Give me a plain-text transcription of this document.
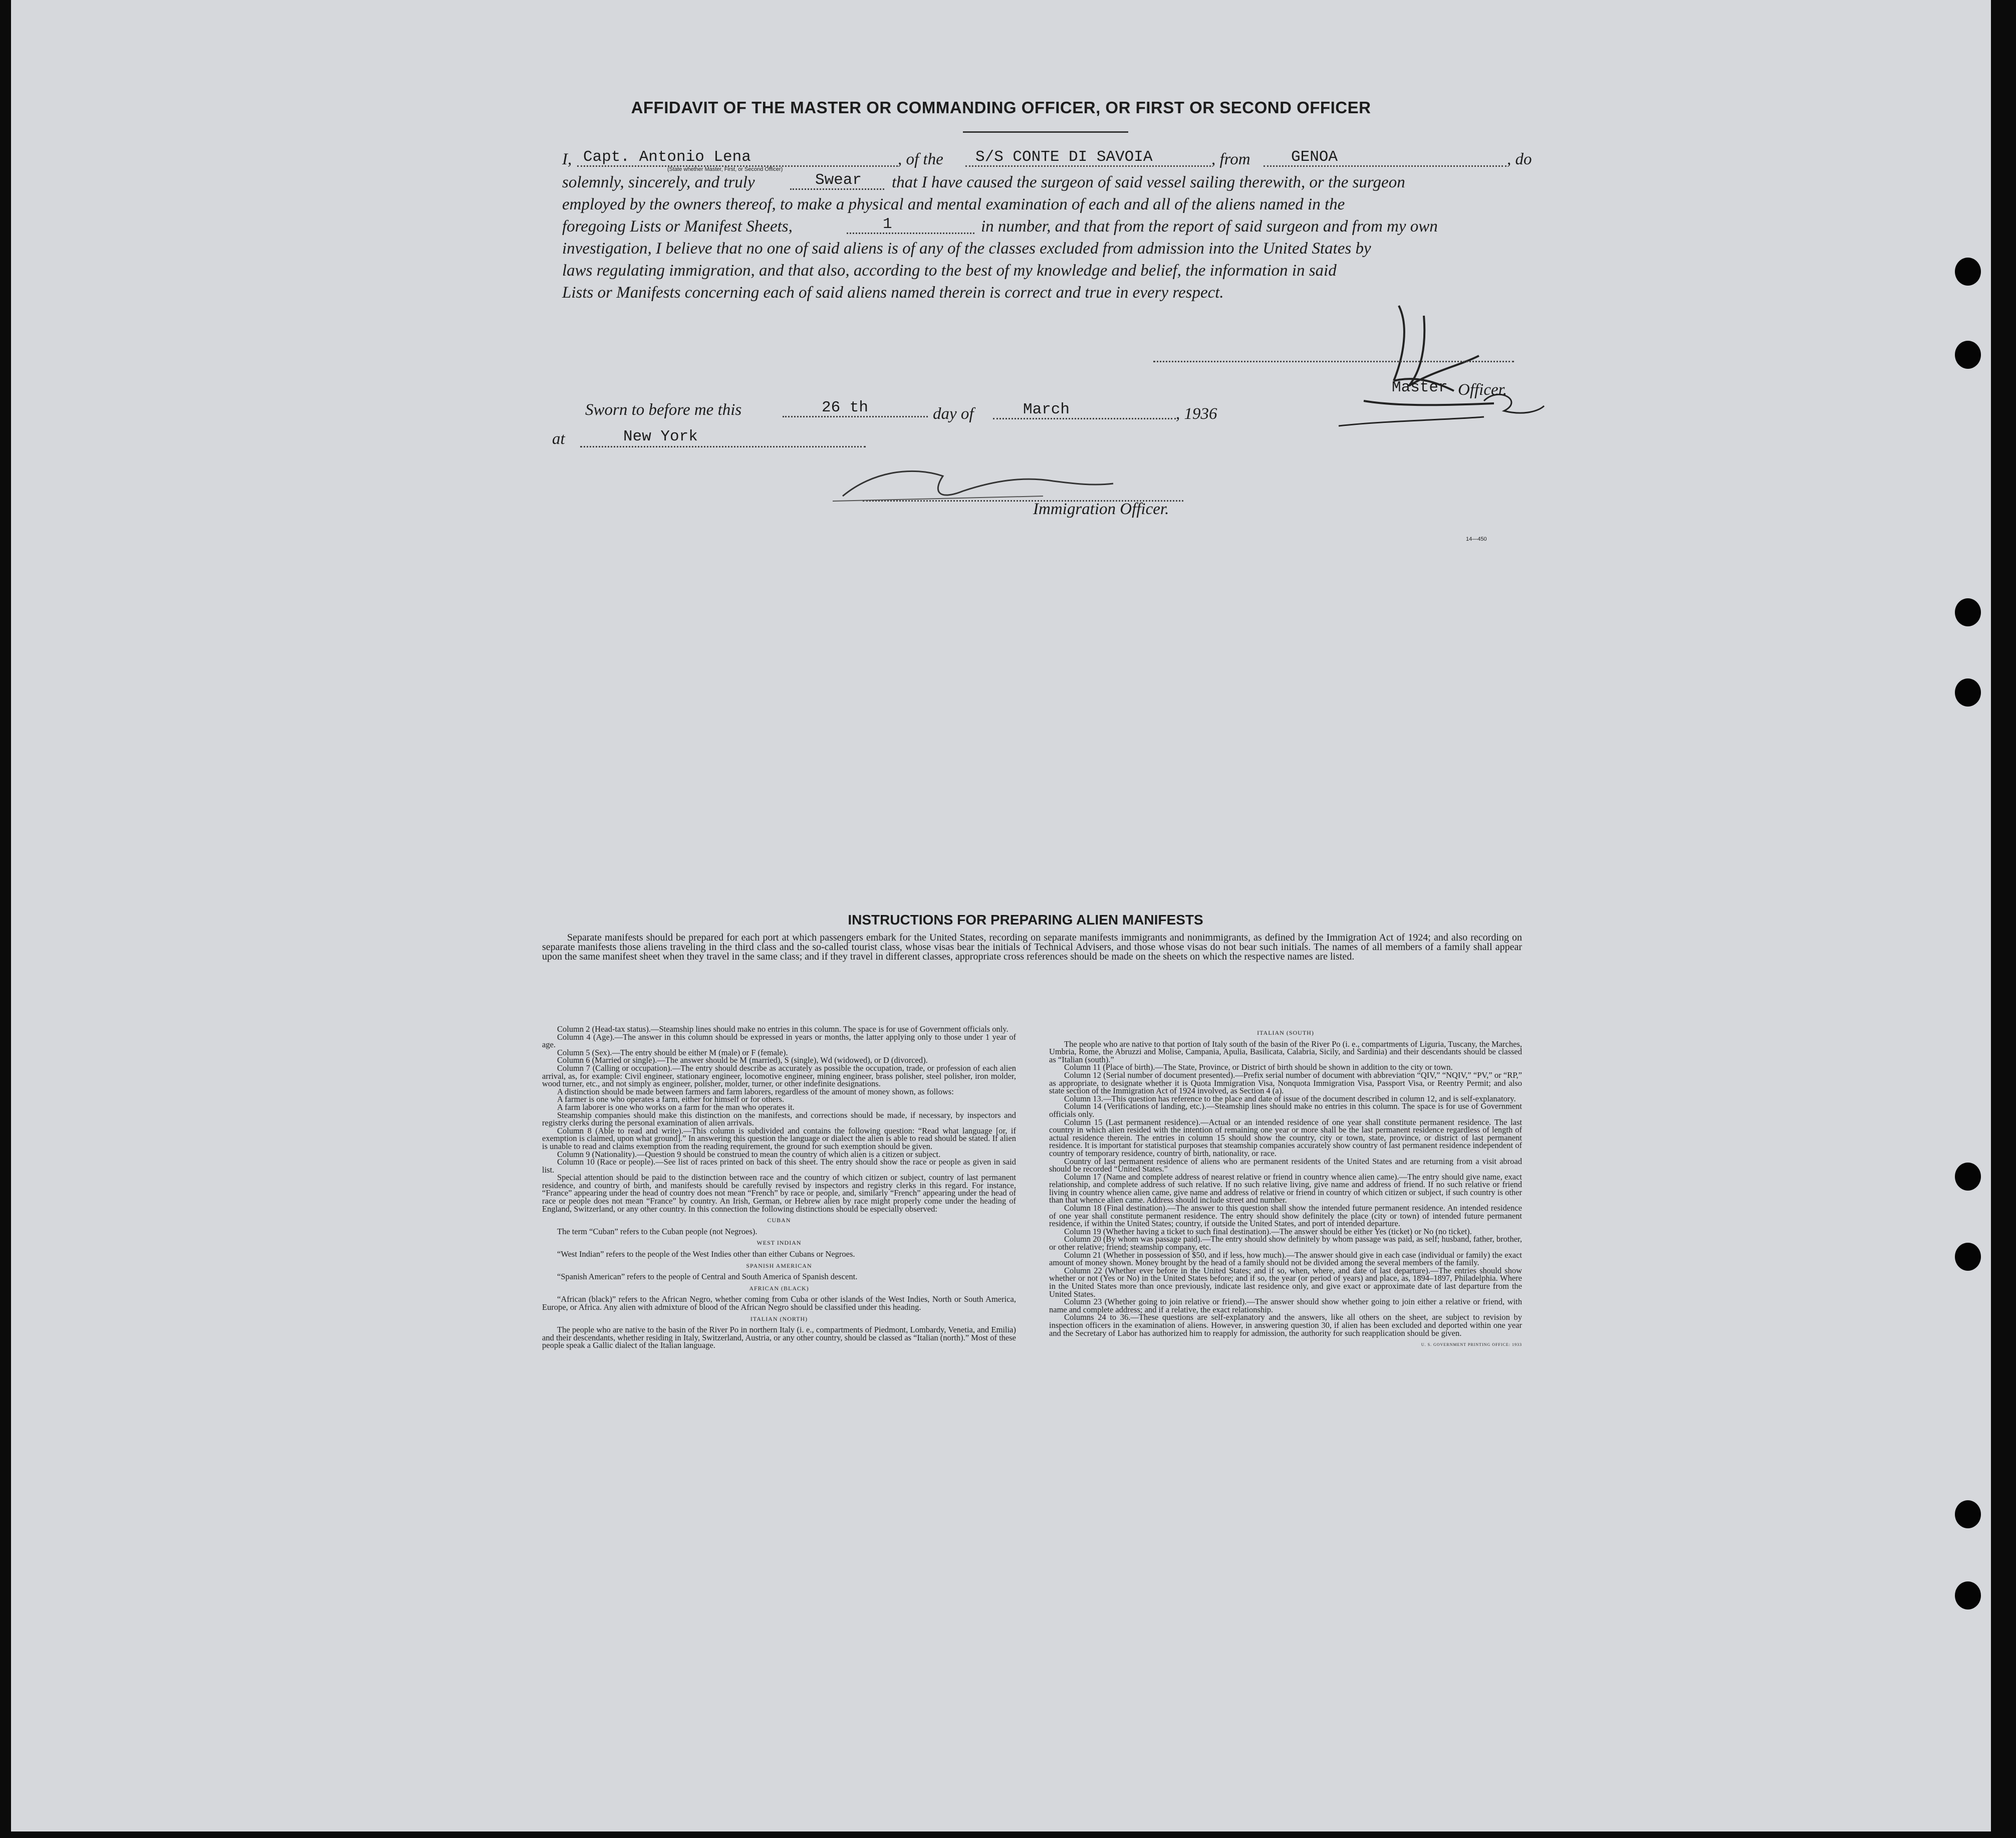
AFFIDAVIT OF THE MASTER OR COMMANDING OFFICER, OR FIRST OR SECOND OFFICER
I, Capt. Antonio Lena
(State whether Master, First, or Second Officer)
, of the S/S CONTE DI SAVOIA	, from	GENOA	, do
solemnly, sincerely, and truly	Swear that I have caused the surgeon of said vessel sailing therewith, or the surgeon
employed by the owners thereof, to make a physical and mental examination of each and all of the aliens named in the
foregoing Lists or Manifest Sheets,	1	in number, and that from the report of said surgeon and from my own
investigation, I believe that no one of said aliens is of any of the classes excluded from admission into the United States by
laws regulating immigration, and that also, according to the best of my knowledge and belief, the information in said
Lists or Manifests concerning each of said aliens named therein is correct and true in every respect.
Master Officer.
Sworn to before me this	26 th	day of	March	, 1936
at	New York
Immigration Officer.
14—450
INSTRUCTIONS FOR PREPARING ALIEN MANIFESTS
Separate manifests should be prepared for each port at which passengers embark for the United States, recording on separate manifests immigrants and nonimmigrants, as defined by the Immigration Act of 1924; and also recording on separate manifests those aliens traveling in the third class and the so-called tourist class, whose visas bear the initials of Technical Advisers, and those whose visas do not bear such initials. The names of all members of a family shall appear upon the same manifest sheet when they travel in the same class; and if they travel in different classes, appropriate cross references should be made on the sheets on which the respective names are listed.

Column 2 (Head-tax status).—Steamship lines should make no entries in this column. The space is for use of Government officials only.

Column 4 (Age).—The answer in this column should be expressed in years or months, the latter applying only to those under 1 year of age.

Column 5 (Sex).—The entry should be either M (male) or F (female).

Column 6 (Married or single).—The answer should be M (married), S (single), Wd (widowed), or D (divorced).

Column 7 (Calling or occupation).—The entry should describe as accurately as possible the occupation, trade, or profession of each alien arrival, as, for example: Civil engineer, stationary engineer, locomotive engineer, mining engineer, brass polisher, steel polisher, iron molder, wood turner, etc., and not simply as engineer, polisher, molder, turner, or other indefinite designations.

A distinction should be made between farmers and farm laborers, regardless of the amount of money shown, as follows:

A farmer is one who operates a farm, either for himself or for others.

A farm laborer is one who works on a farm for the man who operates it.

Steamship companies should make this distinction on the manifests, and corrections should be made, if necessary, by inspectors and registry clerks during the personal examination of alien arrivals.

Column 8 (Able to read and write).—This column is subdivided and contains the following question: “Read what language [or, if exemption is claimed, upon what ground].” In answering this question the language or dialect the alien is able to read should be stated. If alien is unable to read and claims exemption from the reading requirement, the ground for such exemption should be given.

Column 9 (Nationality).—Question 9 should be construed to mean the country of which alien is a citizen or subject.

Column 10 (Race or people).—See list of races printed on back of this sheet. The entry should show the race or people as given in said list.

Special attention should be paid to the distinction between race and the country of which citizen or subject, country of last permanent residence, and country of birth, and manifests should be carefully revised by inspectors and registry clerks in this regard. For instance, “France” appearing under the head of country does not mean “French” by race or people, and, similarly “French” appearing under the head of race or people does not mean “France” by country. An Irish, German, or Hebrew alien by race might properly come under the heading of England, Switzerland, or any other country. In this connection the following distinctions should be especially observed:

CUBAN

The term “Cuban” refers to the Cuban people (not Negroes).

WEST INDIAN

“West Indian” refers to the people of the West Indies other than either Cubans or Negroes.

SPANISH AMERICAN

“Spanish American” refers to the people of Central and South America of Spanish descent.

AFRICAN (BLACK)

“African (black)” refers to the African Negro, whether coming from Cuba or other islands of the West Indies, North or South America, Europe, or Africa. Any alien with admixture of blood of the African Negro should be classified under this heading.

ITALIAN (NORTH)

The people who are native to the basin of the River Po in northern Italy (i. e., compartments of Piedmont, Lombardy, Venetia, and Emilia) and their descendants, whether residing in Italy, Switzerland, Austria, or any other country, should be classed as “Italian (north).” Most of these people speak a Gallic dialect of the Italian language.

ITALIAN (SOUTH)

The people who are native to that portion of Italy south of the basin of the River Po (i. e., compartments of Liguria, Tuscany, the Marches, Umbria, Rome, the Abruzzi and Molise, Campania, Apulia, Basilicata, Calabria, Sicily, and Sardinia) and their descendants should be classed as “Italian (south).”

Column 11 (Place of birth).—The State, Province, or District of birth should be shown in addition to the city or town.

Column 12 (Serial number of document presented).—Prefix serial number of document with abbreviation “QIV,” “NQIV,” “PV,” or “RP,” as appropriate, to designate whether it is Quota Immigration Visa, Nonquota Immigration Visa, Passport Visa, or Reentry Permit; and also state section of the Immigration Act of 1924 involved, as Section 4 (a).

Column 13.—This question has reference to the place and date of issue of the document described in column 12, and is self-explanatory.

Column 14 (Verifications of landing, etc.).—Steamship lines should make no entries in this column. The space is for use of Government officials only.

Column 15 (Last permanent residence).—Actual or an intended residence of one year shall constitute permanent residence. The last country in which alien resided with the intention of remaining one year or more shall be the last permanent residence regardless of length of actual residence therein. The entries in column 15 should show the country, city or town, state, province, or district of last permanent residence. It is important for statistical purposes that steamship companies accurately show country of last permanent residence independent of country of temporary residence, country of birth, nationality, or race.

Country of last permanent residence of aliens who are permanent residents of the United States and are returning from a visit abroad should be recorded “United States.”

Column 17 (Name and complete address of nearest relative or friend in country whence alien came).—The entry should give name, exact relationship, and complete address of such relative. If no such relative living, give name and address of friend. If no such relative or friend living in country whence alien came, give name and address of relative or friend in country of which citizen or subject, if such country is other than that whence alien came. Address should include street and number.

Column 18 (Final destination).—The answer to this question shall show the intended future permanent residence. An intended residence of one year shall constitute permanent residence. The entry should show definitely the place (city or town) of intended future permanent residence, if within the United States; country, if outside the United States, and port of intended departure.

Column 19 (Whether having a ticket to such final destination).—The answer should be either Yes (ticket) or No (no ticket).

Column 20 (By whom was passage paid).—The entry should show definitely by whom passage was paid, as self; husband, father, brother, or other relative; friend; steamship company, etc.

Column 21 (Whether in possession of $50, and if less, how much).—The answer should give in each case (individual or family) the exact amount of money shown. Money brought by the head of a family should not be divided among the several members of the family.

Column 22 (Whether ever before in the United States; and if so, when, where, and date of last departure).—The entries should show whether or not (Yes or No) in the United States before; and if so, the year (or period of years) and place, as, 1894–1897, Philadelphia. Where in the United States more than once previously, indicate last residence only, and give exact or approximate date of last departure from the United States.

Column 23 (Whether going to join relative or friend).—The answer should show whether going to join either a relative or friend, with name and complete address; and if a relative, the exact relationship.

Columns 24 to 36.—These questions are self-explanatory and the answers, like all others on the sheet, are subject to revision by inspection officers in the examination of aliens. However, in answering question 30, if alien has been excluded and deported within one year and the Secretary of Labor has authorized him to reapply for admission, the authority for such reapplication should be given.

U. S. GOVERNMENT PRINTING OFFICE: 1933
